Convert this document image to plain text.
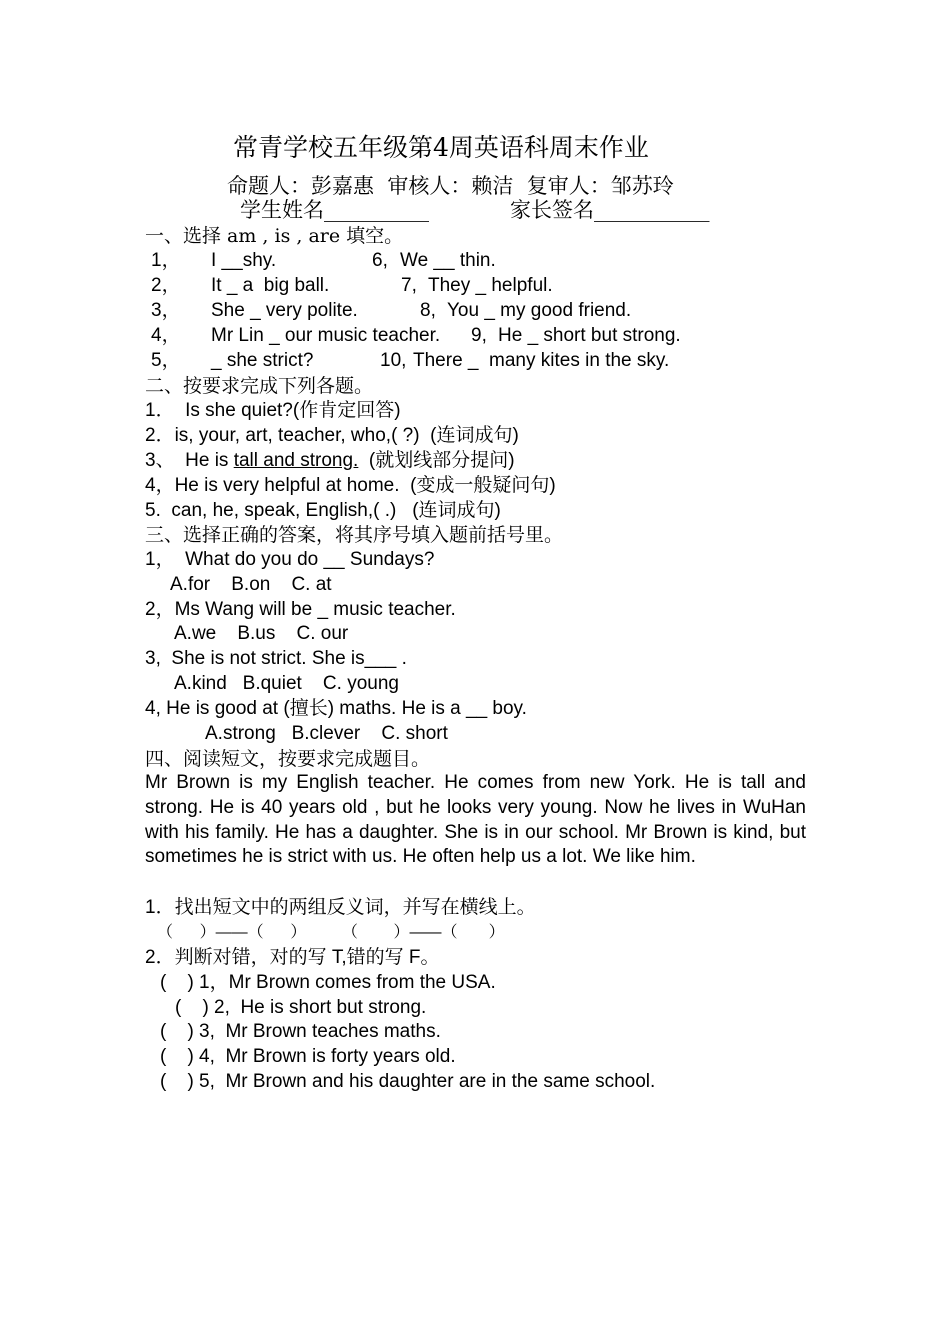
常青学校五年级第4周英语科周末作业
命题人：彭嘉惠  审核人：赖洁  复审人：邹苏玲
学生姓名__________	家长签名___________
一、选择 am , is , are 填空。
1， I __shy.	6, We __ thin.
2， It _ a  big ball.	7, They _ helpful.
3， She _ very polite.	8, You _ my good friend.
4， Mr Lin _ our music teacher. 9, He _ short but strong.
5， _ she strict?	10, There _  many kites in the sky.
二、按要求完成下列各题。
1．  Is she quiet?(作肯定回答)
2．is, your, art, teacher, who,( ?)  (连词成句)
3、  He is tall and strong.  (就划线部分提问)
4，He is very helpful at home.  (变成一般疑问句)
5.  can, he, speak, English,( .)   (连词成句)
三、选择正确的答案，将其序号填入题前括号里。
1，  What do you do __ Sundays?
A.for    B.on    C. at
2，Ms Wang will be _ music teacher.
A.we    B.us    C. our
3,  She is not strict. She is___ .
A.kind   B.quiet    C. young
4, He is good at (擅长) maths. He is a __ boy.
A.strong   B.clever    C. short
四、阅读短文，按要求完成题目。
Mr Brown is my English teacher. He comes from new York. He is tall and strong. He is 40 years old , but he looks very young. Now he lives in WuHan with his family. He has a daughter. She is in our school. Mr Brown is kind, but sometimes he is strict with us. He often help us a lot. We like him.
1．找出短文中的两组反义词，并写在横线上。
（      ）——（      ）        （        ）——（       ）
2．判断对错，对的写 T,错的写 F。
(    ) 1，Mr Brown comes from the USA.
(    ) 2,  He is short but strong.
(    ) 3,  Mr Brown teaches maths.
(    ) 4,  Mr Brown is forty years old.
(    ) 5,  Mr Brown and his daughter are in the same school.
